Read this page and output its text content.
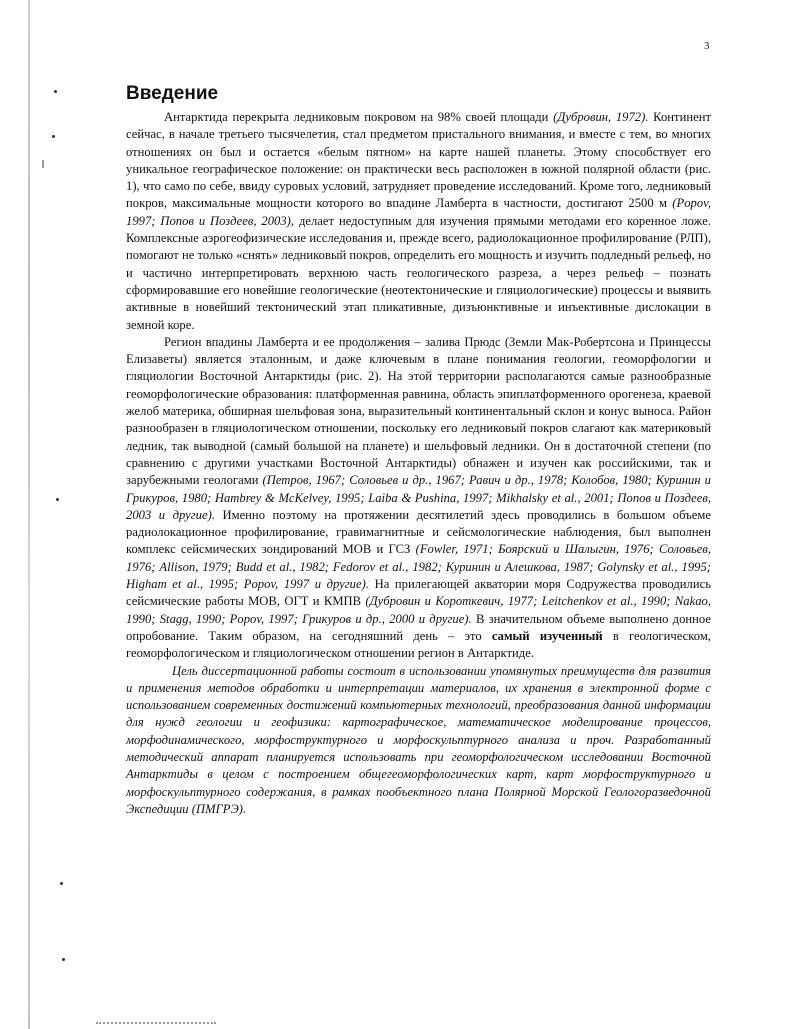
3
Введение

Антарктида перекрыта ледниковым покровом на 98% своей площади (Дубровин, 1972). Континент сейчас, в начале третьего тысячелетия, стал предметом пристального внимания, и вместе с тем, во многих отношениях он был и остается «белым пятном» на карте нашей планеты. Этому способствует его уникальное географическое положение: он практически весь расположен в южной полярной области (рис. 1), что само по себе, ввиду суровых условий, затрудняет проведение исследований. Кроме того, ледниковый покров, максимальные мощности которого во впадине Ламберта в частности, достигают 2500 м (Popov, 1997; Попов и Поздеев, 2003), делает недоступным для изучения прямыми методами его коренное ложе. Комплексные аэрогеофизические исследования и, прежде всего, радиолокационное профилирование (РЛП), помогают не только «снять» ледниковый покров, определить его мощность и изучить подледный рельеф, но и частично интерпретировать верхнюю часть геологического разреза, а через рельеф – познать сформировавшие его новейшие геологические (неотектонические и гляциологические) процессы и выявить активные в новейший тектонический этап пликативные, дизъюнктивные и инъективные дислокации в земной коре.

Регион впадины Ламберта и ее продолжения – залива Прюдс (Земли Мак-Робертсона и Принцессы Елизаветы) является эталонным, и даже ключевым в плане понимания геологии, геоморфологии и гляциологии Восточной Антарктиды (рис. 2). На этой территории располагаются самые разнообразные геоморфологические образования: платформенная равнина, область эпиплатформенного орогенеза, краевой желоб материка, обширная шельфовая зона, выразительный континентальный склон и конус выноса. Район разнообразен в гляциологическом отношении, поскольку его ледниковый покров слагают как материковый ледник, так выводной (самый большой на планете) и шельфовый ледники. Он в достаточной степени (по сравнению с другими участками Восточной Антарктиды) обнажен и изучен как российскими, так и зарубежными геологами (Петров, 1967; Соловьев и др., 1967; Равич и др., 1978; Колобов, 1980; Куринин и Грикуров, 1980; Hambrey & McKelvey, 1995; Laiba & Pushina, 1997; Mikhalsky et al., 2001; Попов и Поздеев, 2003 и другие). Именно поэтому на протяжении десятилетий здесь проводились в большом объеме радиолокационное профилирование, гравимагнитные и сейсмологические наблюдения, был выполнен комплекс сейсмических зондирований МОВ и ГСЗ (Fowler, 1971; Боярский и Шалыгин, 1976; Соловьев, 1976; Allison, 1979; Budd et al., 1982; Fedorov et al., 1982; Куринин и Алешкова, 1987; Golynsky et al., 1995; Higham et al., 1995; Popov, 1997 и другие). На прилегающей акватории моря Содружества проводились сейсмические работы МОВ, ОГТ и КМПВ (Дубровин и Короткевич, 1977; Leitchenkov et al., 1990; Nakao, 1990; Stagg, 1990; Popov, 1997; Грикуров и др., 2000 и другие). В значительном объеме выполнено донное опробование. Таким образом, на сегодняшний день – это самый изученный в геологическом, геоморфологическом и гляциологическом отношении регион в Антарктиде.

Цель диссертационной работы состоит в использовании упомянутых преимуществ для развития и применения методов обработки и интерпретации материалов, их хранения в электронной форме с использованием современных достижений компьютерных технологий, преобразования данной информации для нужд геологии и геофизики: картографическое, математическое моделирование процессов, морфодинамического, морфоструктурного и морфоскульптурного анализа и проч. Разработанный методический аппарат планируется использовать при геоморфологическом исследовании Восточной Антарктиды в целом с построением общегеоморфологических карт, карт морфоструктурного и морфоскульптурного содержания, в рамках пообъектного плана Полярной Морской Геологоразведочной Экспедиции (ПМГРЭ).
